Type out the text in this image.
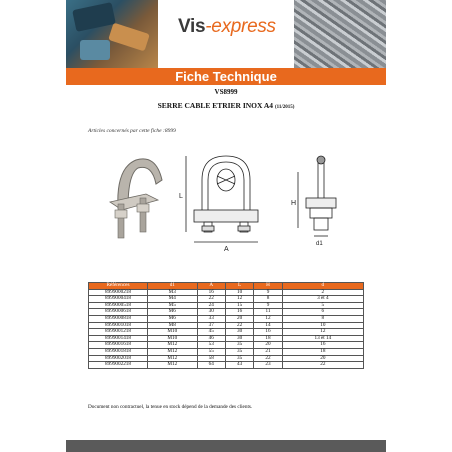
Vis-express
Fiche Technique
VS8999
SERRE CABLE ETRIER INOX A4 (11/2015)
Articles concernés par cette fiche :8999
A
L
H
d1
Références	d1	A	L	H	d
8999000218	M3	16	10	9	2
8999000418	M4	22	12	8	3 et 4
8999000518	M5	24	15	9	5
8999000618	M6	30	16	11	6
8999000818	M6	33	20	12	8
8999001018	M8	37	22	14	10
8999001218	M10	45	30	16	12
8999001418	M10	46	30	18	13 et 14
8999001618	M12	53	35	20	16
8999001818	M12	55	35	21	18
8999002018	M12	58	35	22	20
8999002218	M12	64	43	23	22
Document non contractuel, la tenue en stock dépend de la demande des clients.
